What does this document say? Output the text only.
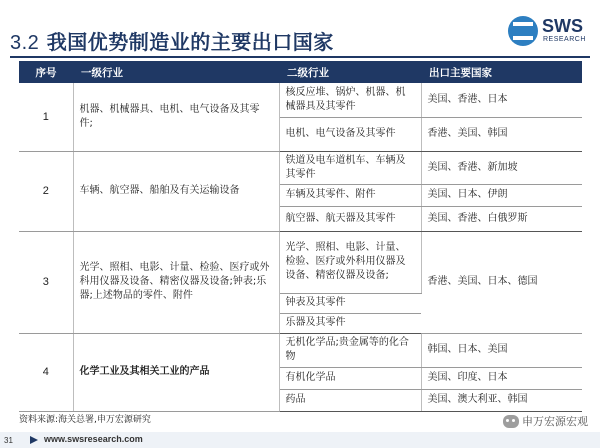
3.2 我国优势制造业的主要出口国家
SWS
RESEARCH
序号	一级行业	二级行业	出口主要国家
1	机器、机械器具、电机、电气设备及其零件;	核反应堆、锅炉、机器、机械器具及其零件	美国、香港、日本
		电机、电气设备及其零件	香港、美国、韩国
2	车辆、航空器、船舶及有关运输设备	铁道及电车道机车、车辆及其零件	美国、香港、新加坡
		车辆及其零件、附件	美国、日本、伊朗
		航空器、航天器及其零件	美国、香港、白俄罗斯
3	光学、照相、电影、计量、检验、医疗或外科用仪器及设备、精密仪器及设备;钟表;乐器;上述物品的零件、附件	光学、照相、电影、计量、检验、医疗或外科用仪器及设备、精密仪器及设备;	香港、美国、日本、德国
		钟表及其零件	
		乐器及其零件	
4	化学工业及其相关工业的产品	无机化学品;贵金属等的化合物	韩国、日本、美国
		有机化学品	美国、印度、日本
		药品	美国、澳大利亚、韩国
资料来源:海关总署,申万宏源研究	申万宏源宏观
31	www.swsresearch.com
